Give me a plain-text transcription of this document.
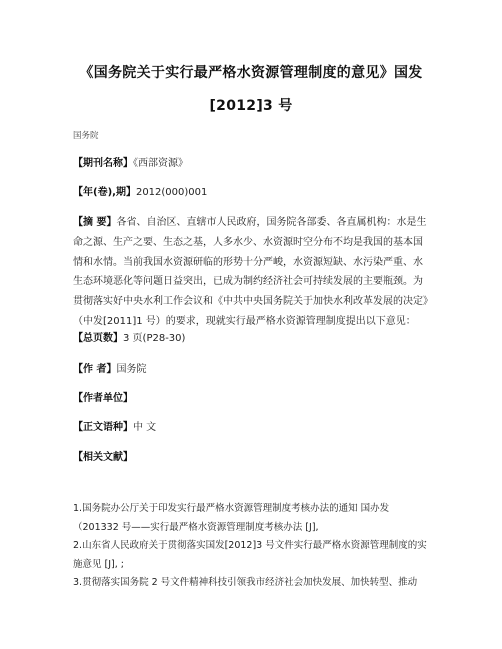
《国务院关于实行最严格水资源管理制度的意见》国发
[2012]3 号
国务院
【期刊名称】《西部资源》
【年(卷),期】2012(000)001
【摘 要】各省、自治区、直辖市人民政府，国务院各部委、各直属机构：水是生命之源、生产之要、生态之基，人多水少、水资源时空分布不均是我国的基本国情和水情。当前我国水资源研临的形势十分严峻，水资源短缺、水污染严重、水生态环境恶化等问题日益突出，已成为制约经济社会可持续发展的主要瓶颈。为贯彻落实好中央水利工作会议和《中共中央国务院关于加快水利改革发展的决定》（中发[2011]1 号）的要求，现就实行最严格水资源管理制度提出以下意见：
【总页数】3 页(P28-30)
【作 者】国务院
【作者单位】
【正文语种】中 文
【相关文献】

1.国务院办公厅关于印发实行最严格水资源管理制度考核办法的通知 国办发（201332 号——实行最严格水资源管理制度考核办法 [J],

2.山东省人民政府关于贯彻落实国发[2012]3 号文件实行最严格水资源管理制度的实施意见 [J], ;

3.贯彻落实国务院 2 号文件精神科技引领我市经济社会加快发展、加快转型、推动
